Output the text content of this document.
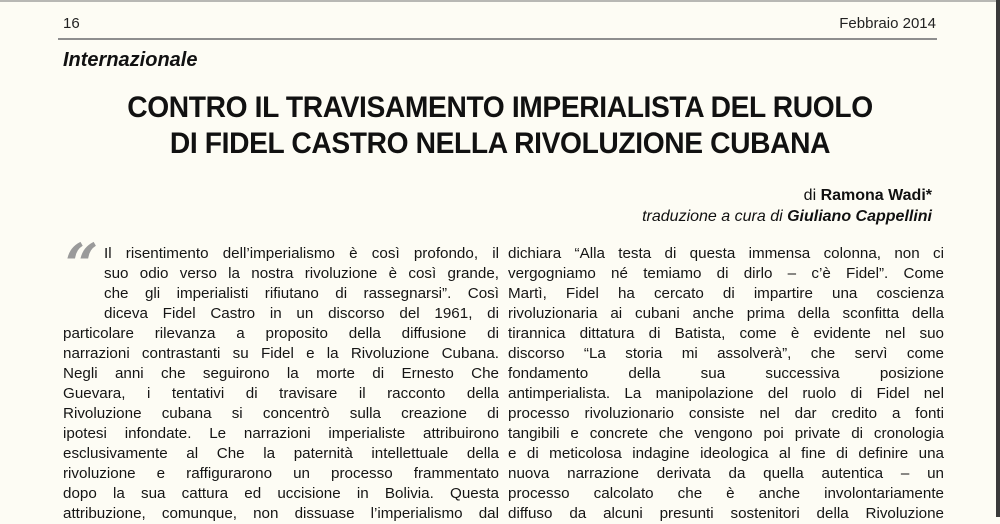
16	Febbraio 2014
Internazionale
CONTRO IL TRAVISAMENTO IMPERIALISTA DEL RUOLO
DI FIDEL CASTRO NELLA RIVOLUZIONE CUBANA
di Ramona Wadi*
traduzione a cura di Giuliano Cappellini
“ Il risentimento dell’imperialismo è così profondo, il
suo odio verso la nostra rivoluzione è così grande,
che gli imperialisti rifiutano di rassegnarsi”. Così
diceva Fidel Castro in un discorso del 1961, di
particolare rilevanza a proposito della diffusione di
narrazioni contrastanti su Fidel e la Rivoluzione Cubana.
Negli anni che seguirono la morte di Ernesto Che
Guevara, i tentativi di travisare il racconto della
Rivoluzione cubana si concentrò sulla creazione di
ipotesi infondate. Le narrazioni imperialiste attribuirono
esclusivamente al Che la paternità intellettuale della
rivoluzione e raffigurarono un processo frammentato
dopo la sua cattura ed uccisione in Bolivia. Questa
attribuzione, comunque, non dissuase l’imperialismo dal
dichiara “Alla testa di questa immensa colonna, non ci
vergogniamo né temiamo di dirlo – c’è Fidel”. Come
Martì, Fidel ha cercato di impartire una coscienza
rivoluzionaria ai cubani anche prima della sconfitta della
tirannica dittatura di Batista, come è evidente nel suo
discorso “La storia mi assolverà”, che servì come
fondamento della sua successiva posizione
antimperialista. La manipolazione del ruolo di Fidel nel
processo rivoluzionario consiste nel dar credito a fonti
tangibili e concrete che vengono poi private di cronologia
e di meticolosa indagine ideologica al fine di definire una
nuova narrazione derivata da quella autentica – un
processo calcolato che è anche involontariamente
diffuso da alcuni presunti sostenitori della Rivoluzione
